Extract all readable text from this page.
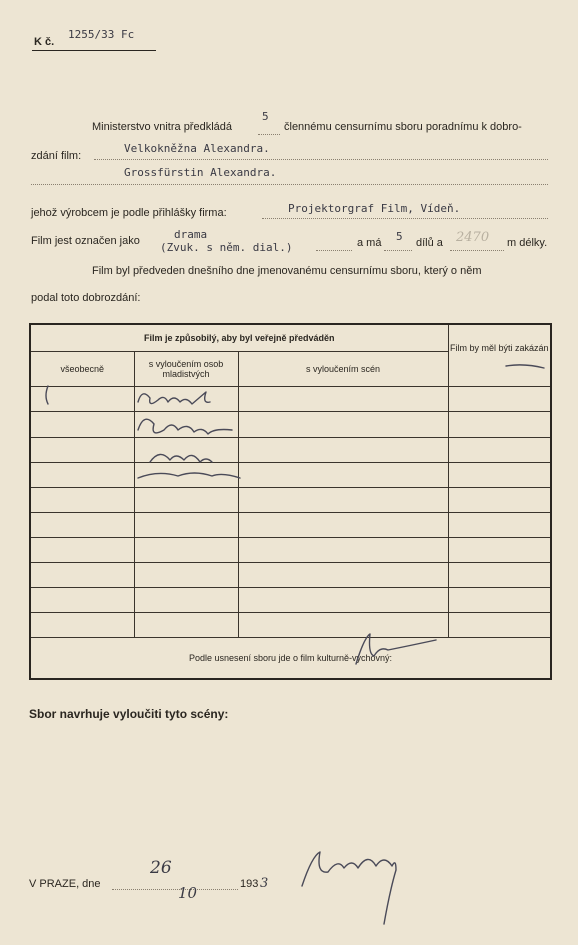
K č.
1255/33 Fc
Ministerstvo vnitra předkládá
5
člennému censurnímu sboru poradnímu k dobro-
zdání film:
Velkokněžna Alexandra.
Grossfürstin Alexandra.
jehož výrobcem je podle přihlášky firma:	Projektorgraf Film, Vídeň.
Film jest označen jako	drama
(Zvuk. s něm. dial.)	a má 5 dílů a 2470 m délky.
Film byl předveden dnešního dne jmenovanému censurnímu sboru, který o něm
podal toto dobrozdání:
Film je způsobilý, aby byl veřejně předváděn			Film by měl býti zakázán
všeobecně	s vyloučením osob mladistvých	s vyloučením scén	

Podle usnesení sboru jde o film kulturně-výchovný:			
Sbor navrhuje vyloučiti tyto scény:
V PRAZE, dne
26
10	193 3
